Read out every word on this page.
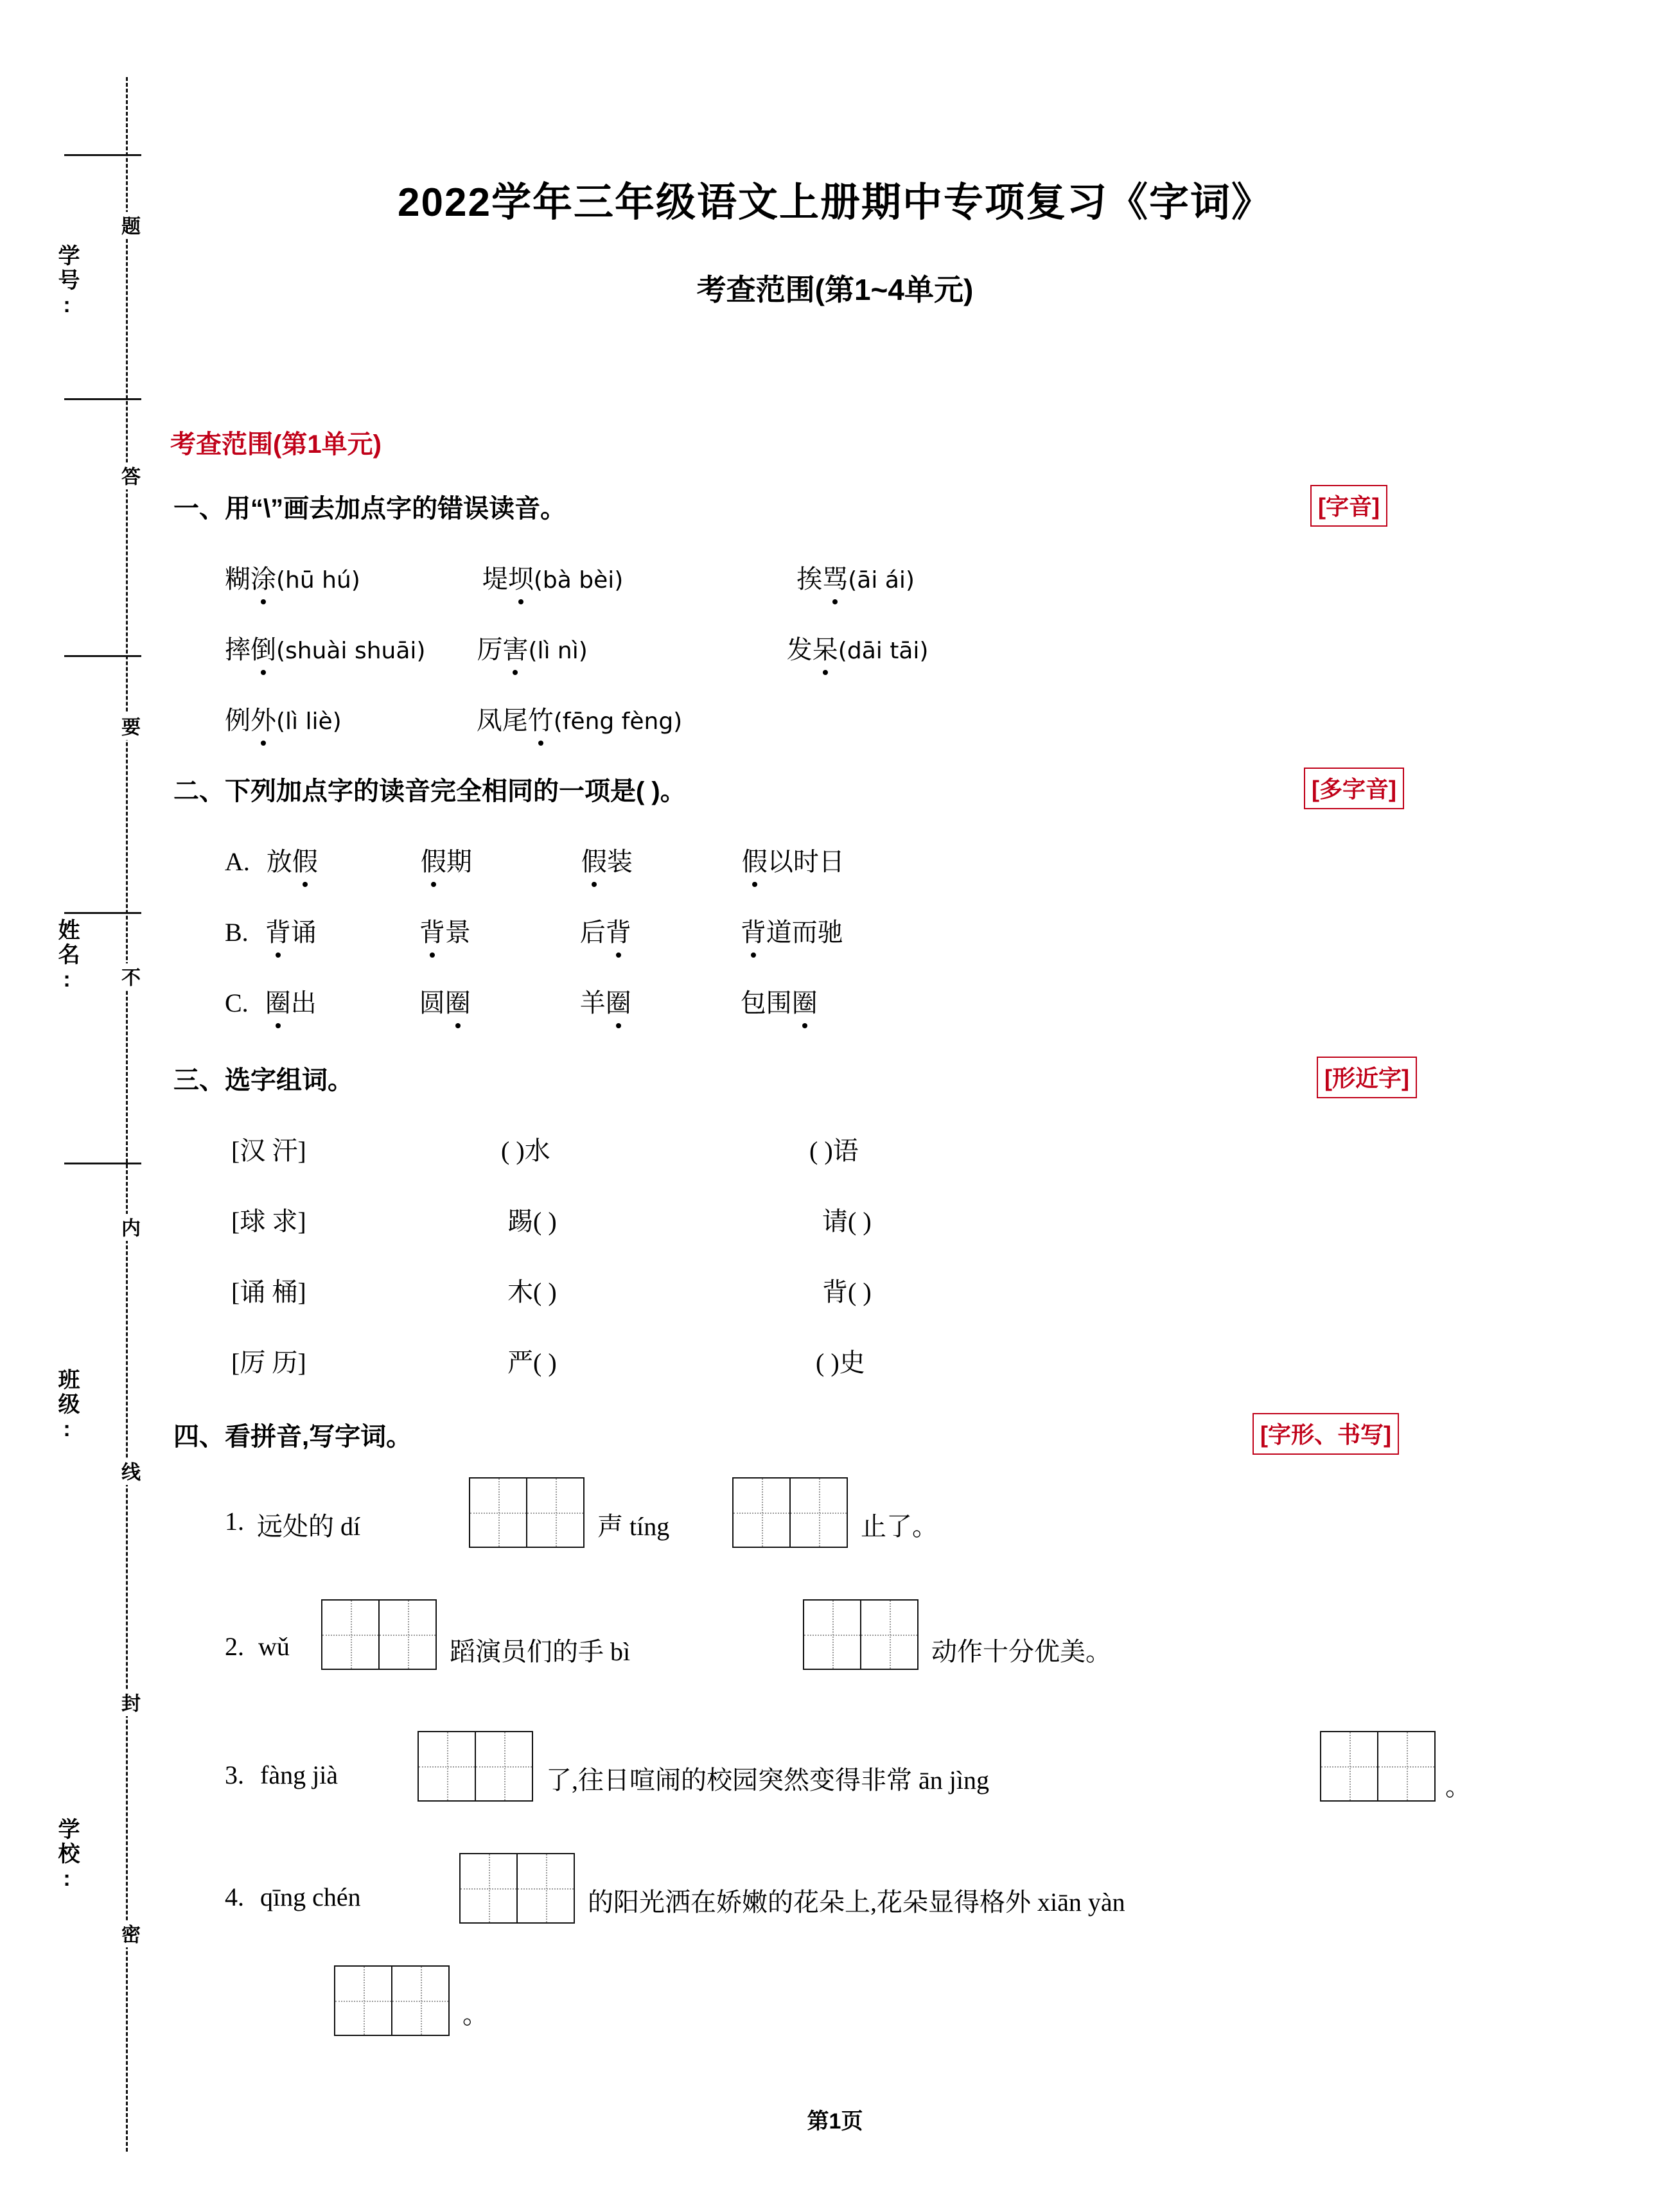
学号:
姓名:
班级:
学校:
题
答
要
不
内
线
封
密
2022学年三年级语文上册期中专项复习《字词》
考查范围(第1~4单元)
考查范围(第1单元)
一、用“\”画去加点字的错误读音。	[字音]
糊涂(hū hú)	堤坝(bà bèi)	挨骂(āi ái)
摔倒(shuài shuāi) 厉害(lì nì)	发呆(dāi tāi)
例外(lì liè)	凤尾竹(fēng fèng)
二、下列加点字的读音完全相同的一项是( )。	[多字音]
A. 放假	假期	假装	假以时日
B. 背诵	背景	后背	背道而驰
C. 圈出	圆圈	羊圈	包围圈
三、选字组词。	[形近字]
[汉 汗]	( )水	( )语
[球 求]	踢( )	请( )
[诵 桶]	木( )	背( )
[厉 历]	严( )	( )史
四、看拼音,写字词。	[字形、书写]
1. 远处的 dí	声 tíng	止了。
2. wǔ	蹈演员们的手 bì	动作十分优美。
3. fàng jià	了,往日喧闹的校园突然变得非常 ān jìng	。
4. qīng chén	的阳光洒在娇嫩的花朵上,花朵显得格外 xiān yàn
。
第1页
